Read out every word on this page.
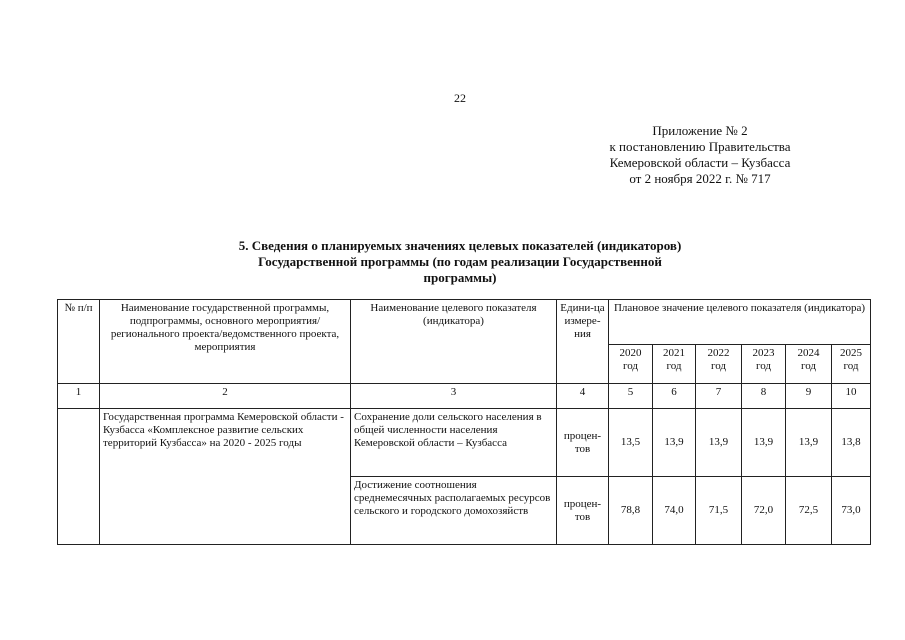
22
Приложение № 2
к постановлению Правительства
Кемеровской области – Кузбасса
от 2 ноября 2022 г. № 717
5. Сведения о планируемых значениях целевых показателей (индикаторов)
Государственной программы (по годам реализации Государственной
программы)
№ п/п	Наименование государственной программы, подпрограммы, основного мероприятия/регионального проекта/ведомственного проекта, мероприятия	Наименование целевого показателя (индикатора)	Едини-ца измере-ния	Плановое значение целевого показателя (индикатора)					
				2020 год	2021 год	2022 год	2023 год	2024 год	2025 год
1	2	3	4	5	6	7	8	9	10
	Государственная программа Кемеровской области - Кузбасса «Комплексное развитие сельских территорий Кузбасса» на 2020 - 2025 годы	Сохранение доли сельского населения в общей численности населения Кемеровской области – Кузбасса	процен-тов	13,5	13,9	13,9	13,9	13,9	13,8
		Достижение соотношения среднемесячных располагаемых ресурсов сельского и городского домохозяйств	процен-тов	78,8	74,0	71,5	72,0	72,5	73,0
